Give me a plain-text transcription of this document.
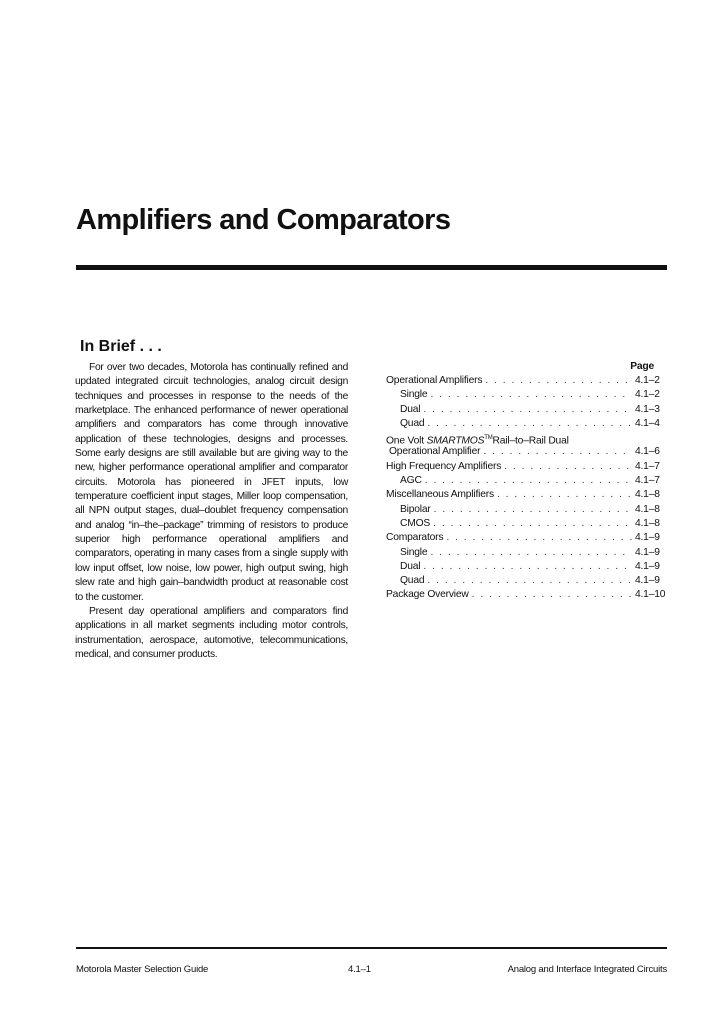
Amplifiers and Comparators
In Brief . . .

For over two decades, Motorola has continually refined and updated integrated circuit technologies, analog circuit design techniques and processes in response to the needs of the marketplace. The enhanced performance of newer operational amplifiers and comparators has come through innovative application of these technologies, designs and processes. Some early designs are still available but are giving way to the new, higher performance operational amplifier and comparator circuits. Motorola has pioneered in JFET inputs, low temperature coefficient input stages, Miller loop compensation, all NPN output stages, dual–doublet frequency compensation and analog “in–the–package” trimming of resistors to produce superior high performance operational amplifiers and comparators, operating in many cases from a single supply with low input offset, low noise, low power, high output swing, high slew rate and high gain–bandwidth product at reasonable cost to the customer.

Present day operational amplifiers and comparators find applications in all market segments including motor controls, instrumentation, aerospace, automotive, telecommunications, medical, and consumer products.

Page
Operational Amplifiers . . .	4.1–2
Single . . .	4.1–2
Dual . . .	4.1–3
Quad . . .	4.1–4
One Volt SMARTMOS™Rail–to–Rail Dual
Operational Amplifier . . .	4.1–6
High Frequency Amplifiers . . .	4.1–7
AGC . . .	4.1–7
Miscellaneous Amplifiers . . .	4.1–8
Bipolar . . .	4.1–8
CMOS . . .	4.1–8
Comparators . . .	4.1–9
Single . . .	4.1–9
Dual . . .	4.1–9
Quad . . .	4.1–9
Package Overview . . .	4.1–10
Motorola Master Selection Guide	4.1–1	Analog and Interface Integrated Circuits
